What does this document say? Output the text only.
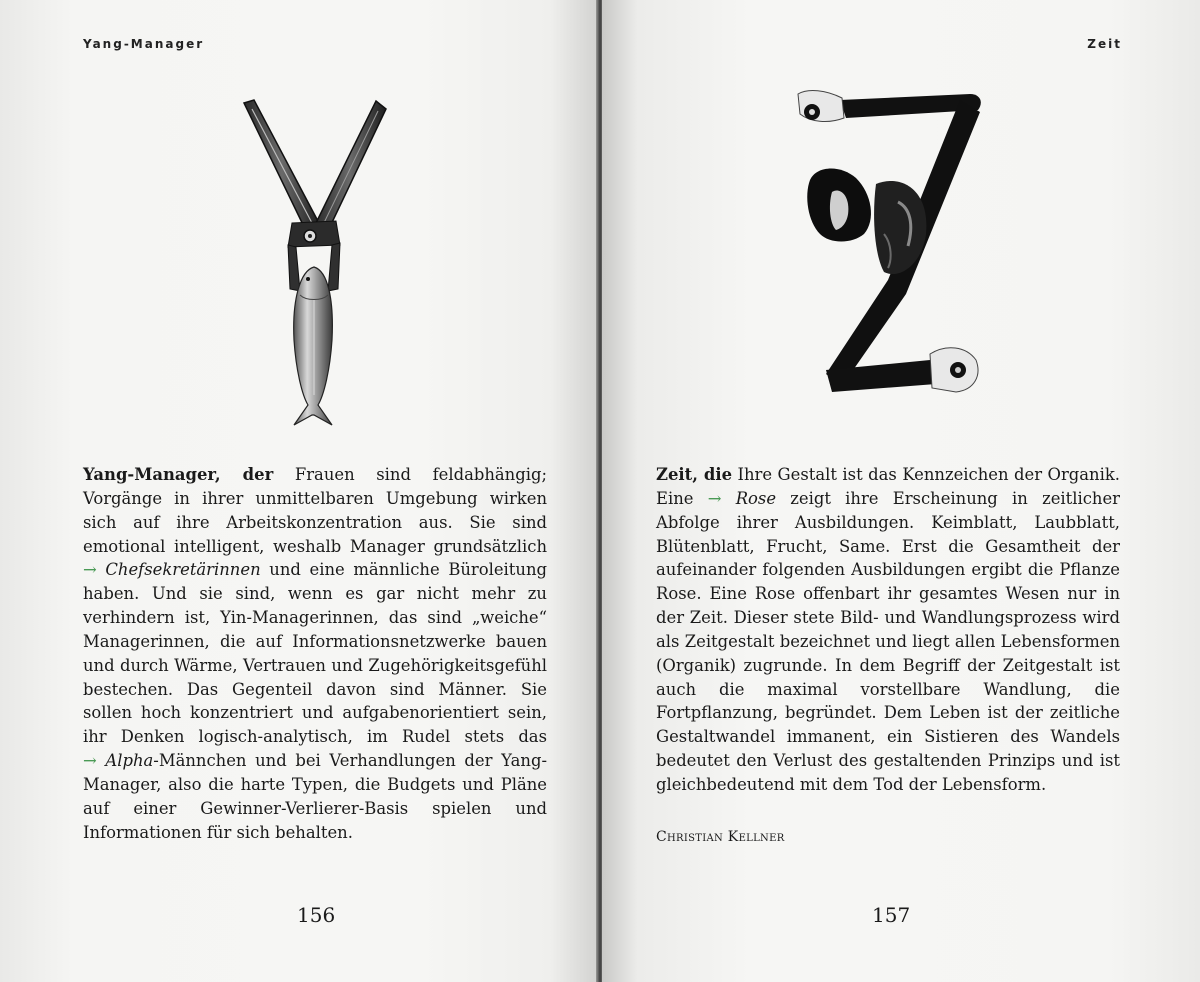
Yang-Manager

Yang-Manager, der Frauen sind feldabhängig; Vorgänge in ihrer unmittelbaren Umgebung wirken sich auf ihre Arbeitskonzentration aus. Sie sind emotional intelligent, weshalb Manager grundsätzlich → Chefsekretärinnen und eine männliche Büroleitung haben. Und sie sind, wenn es gar nicht mehr zu verhindern ist, Yin-Managerinnen, das sind „weiche“ Managerinnen, die auf Informationsnetzwerke bauen und durch Wärme, Vertrauen und Zugehörigkeitsgefühl bestechen. Das Gegenteil davon sind Männer. Sie sollen hoch konzentriert und aufgabenorientiert sein, ihr Denken logisch-analytisch, im Rudel stets das → Alpha-Männchen und bei Verhandlungen der Yang-Manager, also die harte Typen, die Budgets und Pläne auf einer Gewinner-Verlierer-Basis spielen und Informationen für sich behalten.

156
Zeit

Zeit, die Ihre Gestalt ist das Kennzeichen der Organik. Eine → Rose zeigt ihre Erscheinung in zeitlicher Abfolge ihrer Ausbildungen. Keimblatt, Laubblatt, Blütenblatt, Frucht, Same. Erst die Gesamtheit der aufeinander folgenden Ausbildungen ergibt die Pflanze Rose. Eine Rose offenbart ihr gesamtes Wesen nur in der Zeit. Dieser stete Bild- und Wandlungsprozess wird als Zeitgestalt bezeichnet und liegt allen Lebensformen (Organik) zugrunde. In dem Begriff der Zeitgestalt ist auch die maximal vorstellbare Wandlung, die Fortpflanzung, begründet. Dem Leben ist der zeitliche Gestaltwandel immanent, ein Sistieren des Wandels bedeutet den Verlust des gestaltenden Prinzips und ist gleichbedeutend mit dem Tod der Lebensform.

Christian Kellner
157
